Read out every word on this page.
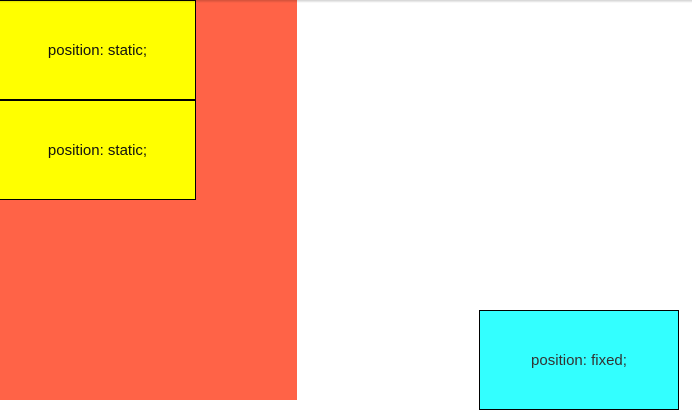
position: static;
position: static;
position: fixed;
